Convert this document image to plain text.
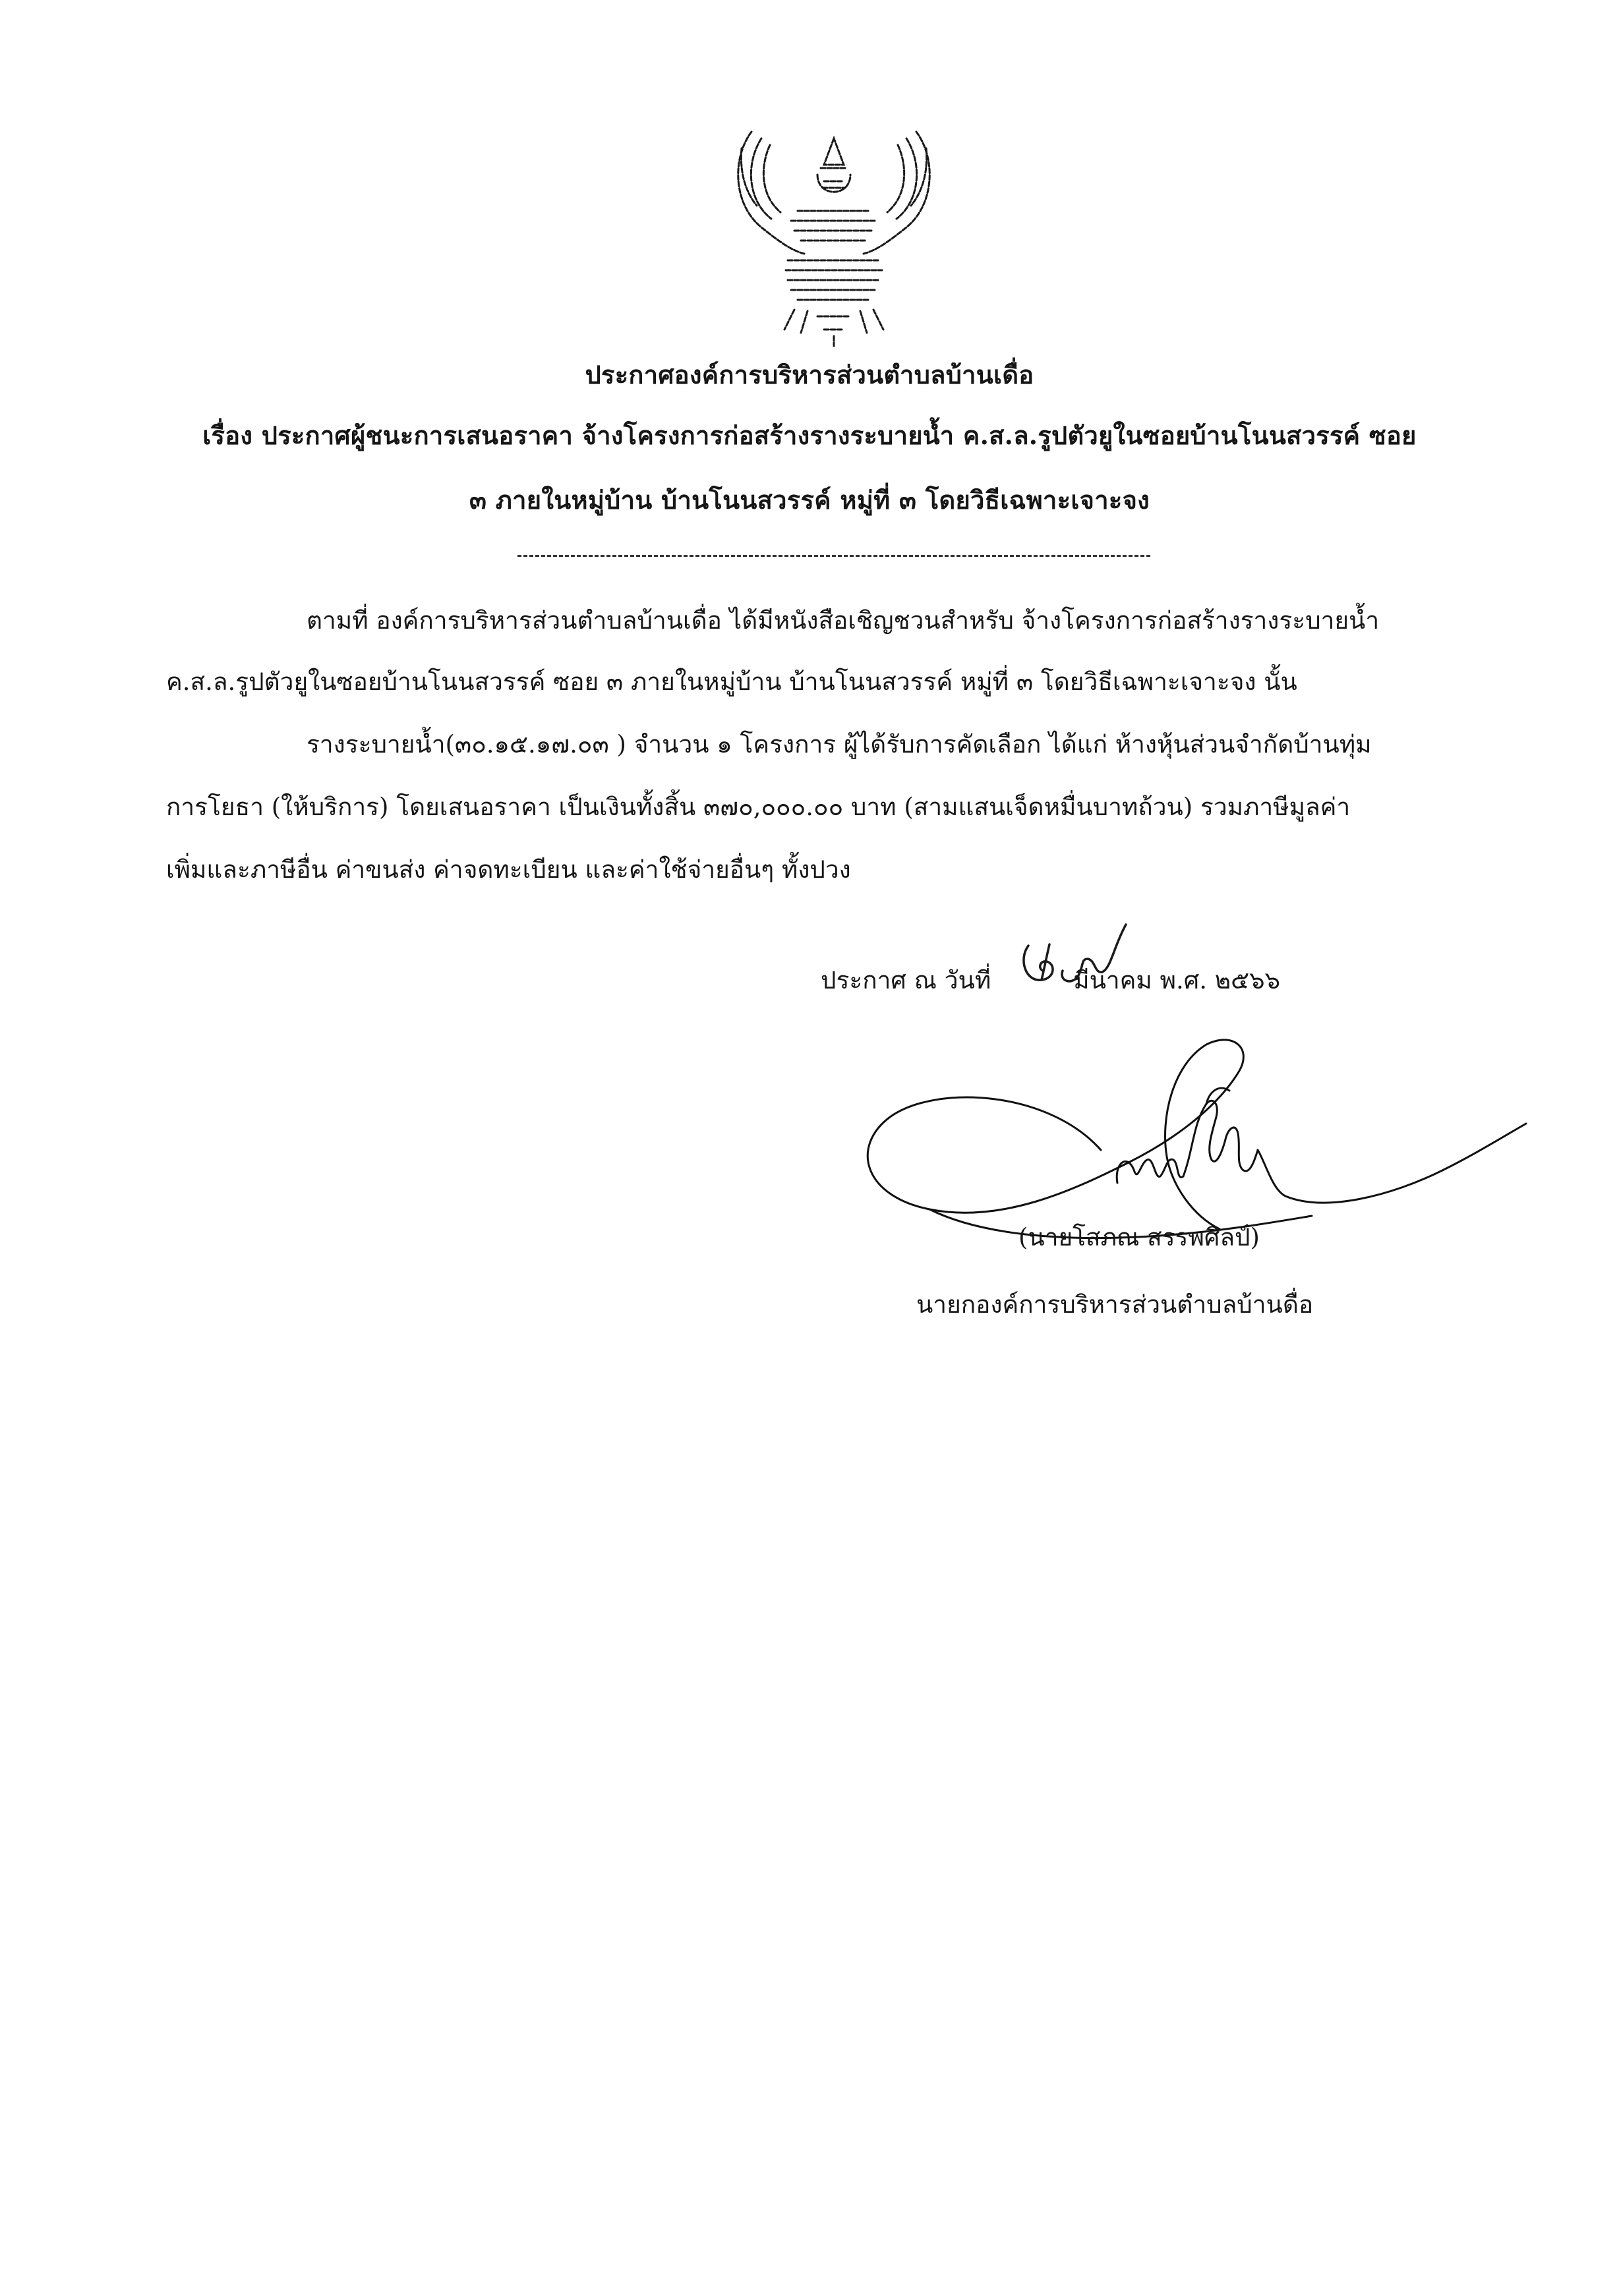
ประกาศองค์การบริหารส่วนตำบลบ้านเดื่อ
เรื่อง ประกาศผู้ชนะการเสนอราคา จ้างโครงการก่อสร้างรางระบายน้ำ ค.ส.ล.รูปตัวยูในซอยบ้านโนนสวรรค์ ซอย
๓ ภายในหมู่บ้าน บ้านโนนสวรรค์ หมู่ที่ ๓ โดยวิธีเฉพาะเจาะจง
ตามที่ องค์การบริหารส่วนตำบลบ้านเดื่อ ได้มีหนังสือเชิญชวนสำหรับ จ้างโครงการก่อสร้างรางระบายน้ำ
ค.ส.ล.รูปตัวยูในซอยบ้านโนนสวรรค์ ซอย ๓ ภายในหมู่บ้าน บ้านโนนสวรรค์ หมู่ที่ ๓ โดยวิธีเฉพาะเจาะจง นั้น
รางระบายน้ำ(๓๐.๑๕.๑๗.๐๓ ) จำนวน ๑ โครงการ ผู้ได้รับการคัดเลือก ได้แก่ ห้างหุ้นส่วนจำกัดบ้านทุ่ม
การโยธา (ให้บริการ) โดยเสนอราคา เป็นเงินทั้งสิ้น ๓๗๐,๐๐๐.๐๐ บาท (สามแสนเจ็ดหมื่นบาทถ้วน) รวมภาษีมูลค่า
เพิ่มและภาษีอื่น ค่าขนส่ง ค่าจดทะเบียน และค่าใช้จ่ายอื่นๆ ทั้งปวง
ประกาศ ณ วันที่	มีนาคม พ.ศ. ๒๕๖๖
(นายโสภณ สรรพศิลป์)
นายกองค์การบริหารส่วนตำบลบ้านดื่อ
